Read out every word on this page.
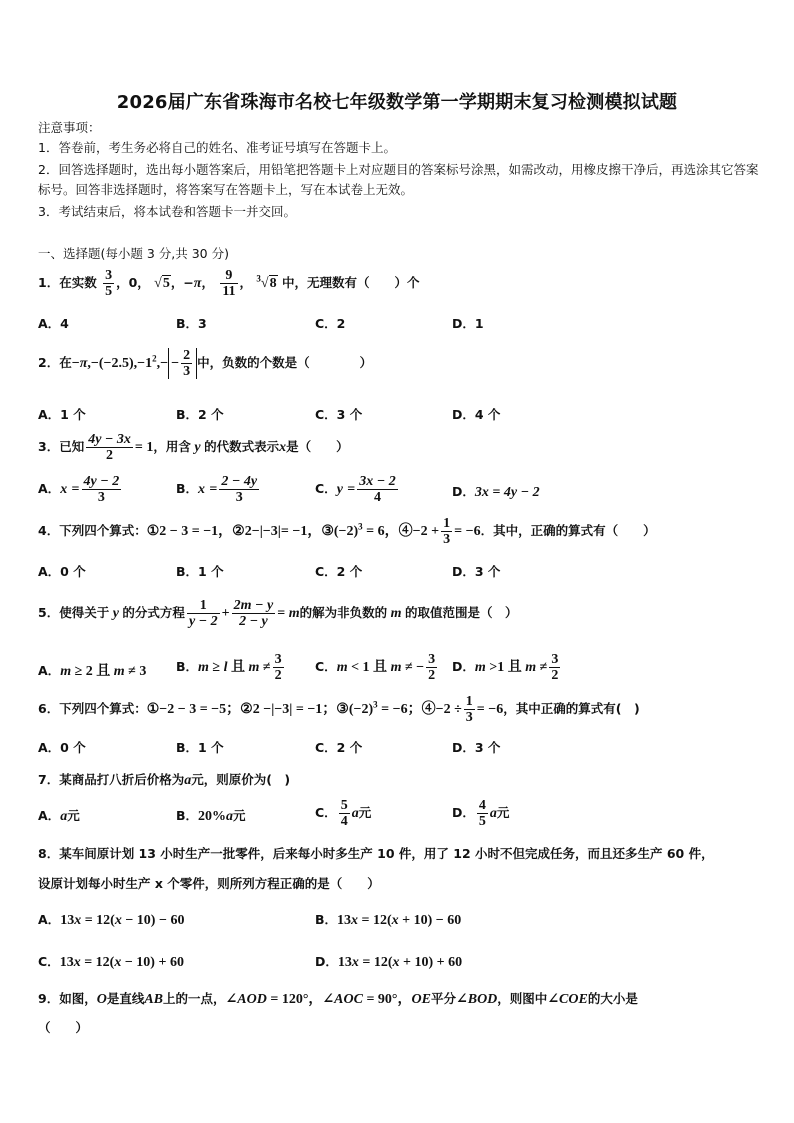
2026届广东省珠海市名校七年级数学第一学期期末复习检测模拟试题
注意事项：
1．答卷前，考生务必将自己的姓名、准考证号填写在答题卡上。
2．回答选择题时，选出每小题答案后，用铅笔把答题卡上对应题目的答案标号涂黑，如需改动，用橡皮擦干净后，再选涂其它答案标号。回答非选择题时，将答案写在答题卡上，写在本试卷上无效。
3．考试结束后，将本试卷和答题卡一并交回。
一、选择题(每小题 3 分,共 30 分)
1．在实数 $\frac{3}{5}$ ，0， √5，−π， $\frac{9}{11}$ ， $^3$√8 中，无理数有（　　）个
A．4	B．3	C．2	D．1
2．在$-\pi,-(-2.5),-1^2,- - \frac{2}{3}$ 中，负数的个数是（　　　　）
A．1 个	B．2 个	C．3 个	D．4 个
3．已知 $\frac{4y - 3x}{2} = 1$，用含 y 的代数式表示x是（　　）
A．$x = \frac{4y - 2}{3}$	B．$x = \frac{2 - 4y}{3}$	C．$y = \frac{3x - 2}{4}$	D．3x = 4y − 2
4．下列四个算式：①2 − 3 = −1，②2−|−3|= −1，$③(-2)^3 = 6$，④−2 + $\frac{1}{3} = -6$．其中，正确的算式有（　　）
A．0 个	B．1 个	C．2 个	D．3 个
5．使得关于 y 的分式方程 $\frac{1}{y - 2} + \frac{2m - y}{2 - y} = m$的解为非负数的 m 的取值范围是（　）
A．m ≥ 2 且 m ≠ 3 B．m ≥ l 且 $m \ne \frac{3}{2}$	C．m < 1 且 m ≠ − $\frac{3}{2}$ D．m >1 且 $m \ne \frac{3}{2}$
6．下列四个算式：①−2 − 3 = −5；②2 −|−3| = −1；$③(-2)^3 = -6$；④−2 ÷ $\frac{1}{3} = -6$，其中正确的算式有(　)
A．0 个	B．1 个	C．2 个	D．3 个
7．某商品打八折后价格为a元，则原价为(　)
A．a元	B．20%a元	C． $\frac{5}{4}$ a元	D． $\frac{4}{5}$ a元
8．某车间原计划 13 小时生产一批零件，后来每小时多生产 10 件，用了 12 小时不但完成任务，而且还多生产 60 件，
设原计划每小时生产 x 个零件，则所列方程正确的是（　　）
A．13x = 12(x − 10) − 60	B．13x = 12(x + 10) − 60
C．13x = 12(x − 10) + 60	D．13x = 12(x + 10) + 60
9．如图，O是直线AB上的一点，∠AOD = 120°，∠AOC = 90°，OE平分∠BOD，则图中∠COE的大小是
（　　）
